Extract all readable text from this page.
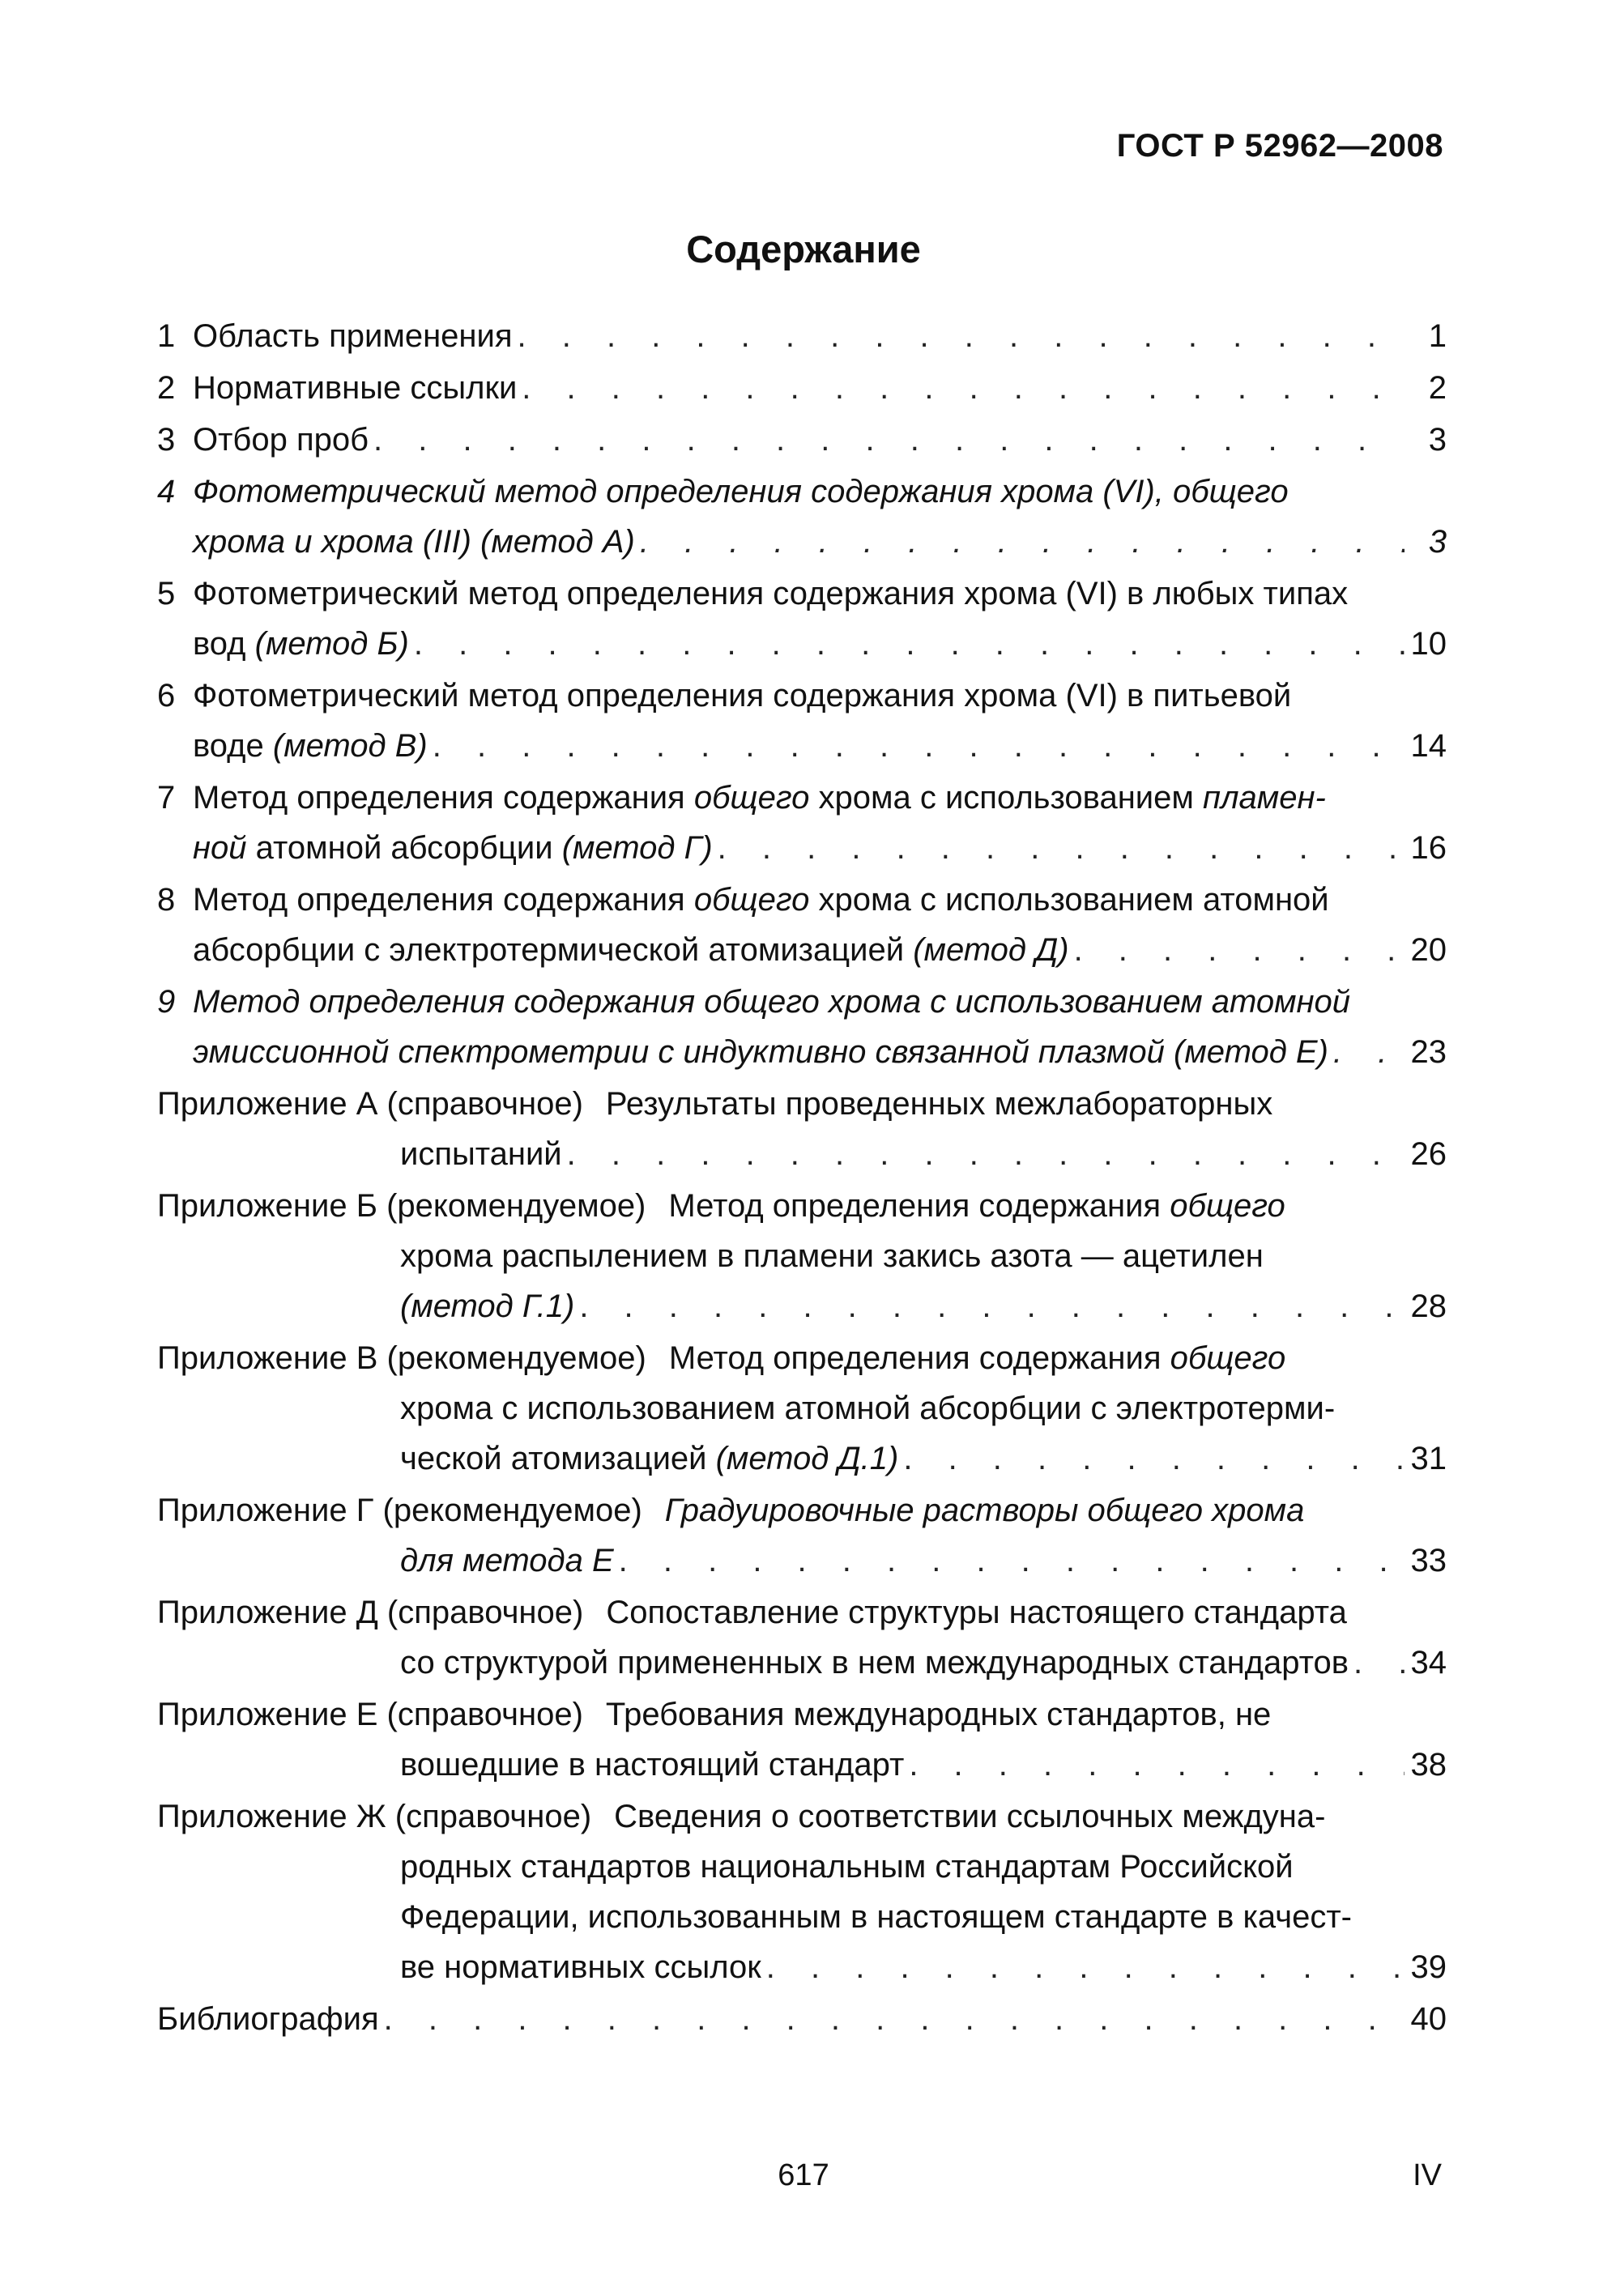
ГОСТ Р 52962—2008
Содержание
1 Область применения . . .	1
2 Нормативные ссылки . . .	2
3 Отбор проб . . .	3
4 Фотометрический метод определения содержания хрома (VI), общего
хрома и хрома (III) (метод А) . . .	3
5 Фотометрический метод определения содержания хрома (VI) в любых типах
вод (метод Б) . . .	10
6 Фотометрический метод определения содержания хрома (VI) в питьевой
воде (метод В) . . .	14
7 Метод определения содержания общего хрома с использованием пламен-
ной атомной абсорбции (метод Г) . . .	16
8 Метод определения содержания общего хрома с использованием атомной
абсорбции с электротермической атомизацией (метод Д) . . .	20
9 Метод определения содержания общего хрома с использованием атомной
эмиссионной спектрометрии с индуктивно связанной плазмой (метод Е) . . .	23
Приложение А (справочное) Результаты проведенных межлабораторных
испытаний . . .	26
Приложение Б (рекомендуемое) Метод определения содержания общего
хрома распылением в пламени закись азота — ацетилен
(метод Г.1) . . .	28
Приложение В (рекомендуемое) Метод определения содержания общего
хрома с использованием атомной абсорбции с электротерми-
ческой атомизацией (метод Д.1) . . .	31
Приложение Г (рекомендуемое) Градуировочные растворы общего хрома
для метода Е . . .	33
Приложение Д (справочное) Сопоставление структуры настоящего стандарта
со структурой примененных в нем международных стандартов . . . 34
Приложение Е (справочное) Требования международных стандартов, не
вошедшие в настоящий стандарт . . .	38
Приложение Ж (справочное) Сведения о соответствии ссылочных междуна-
родных стандартов национальным стандартам Российской
Федерации, использованным в настоящем стандарте в качест-
ве нормативных ссылок . . .	39
Библиография . . .	40
617	IV
